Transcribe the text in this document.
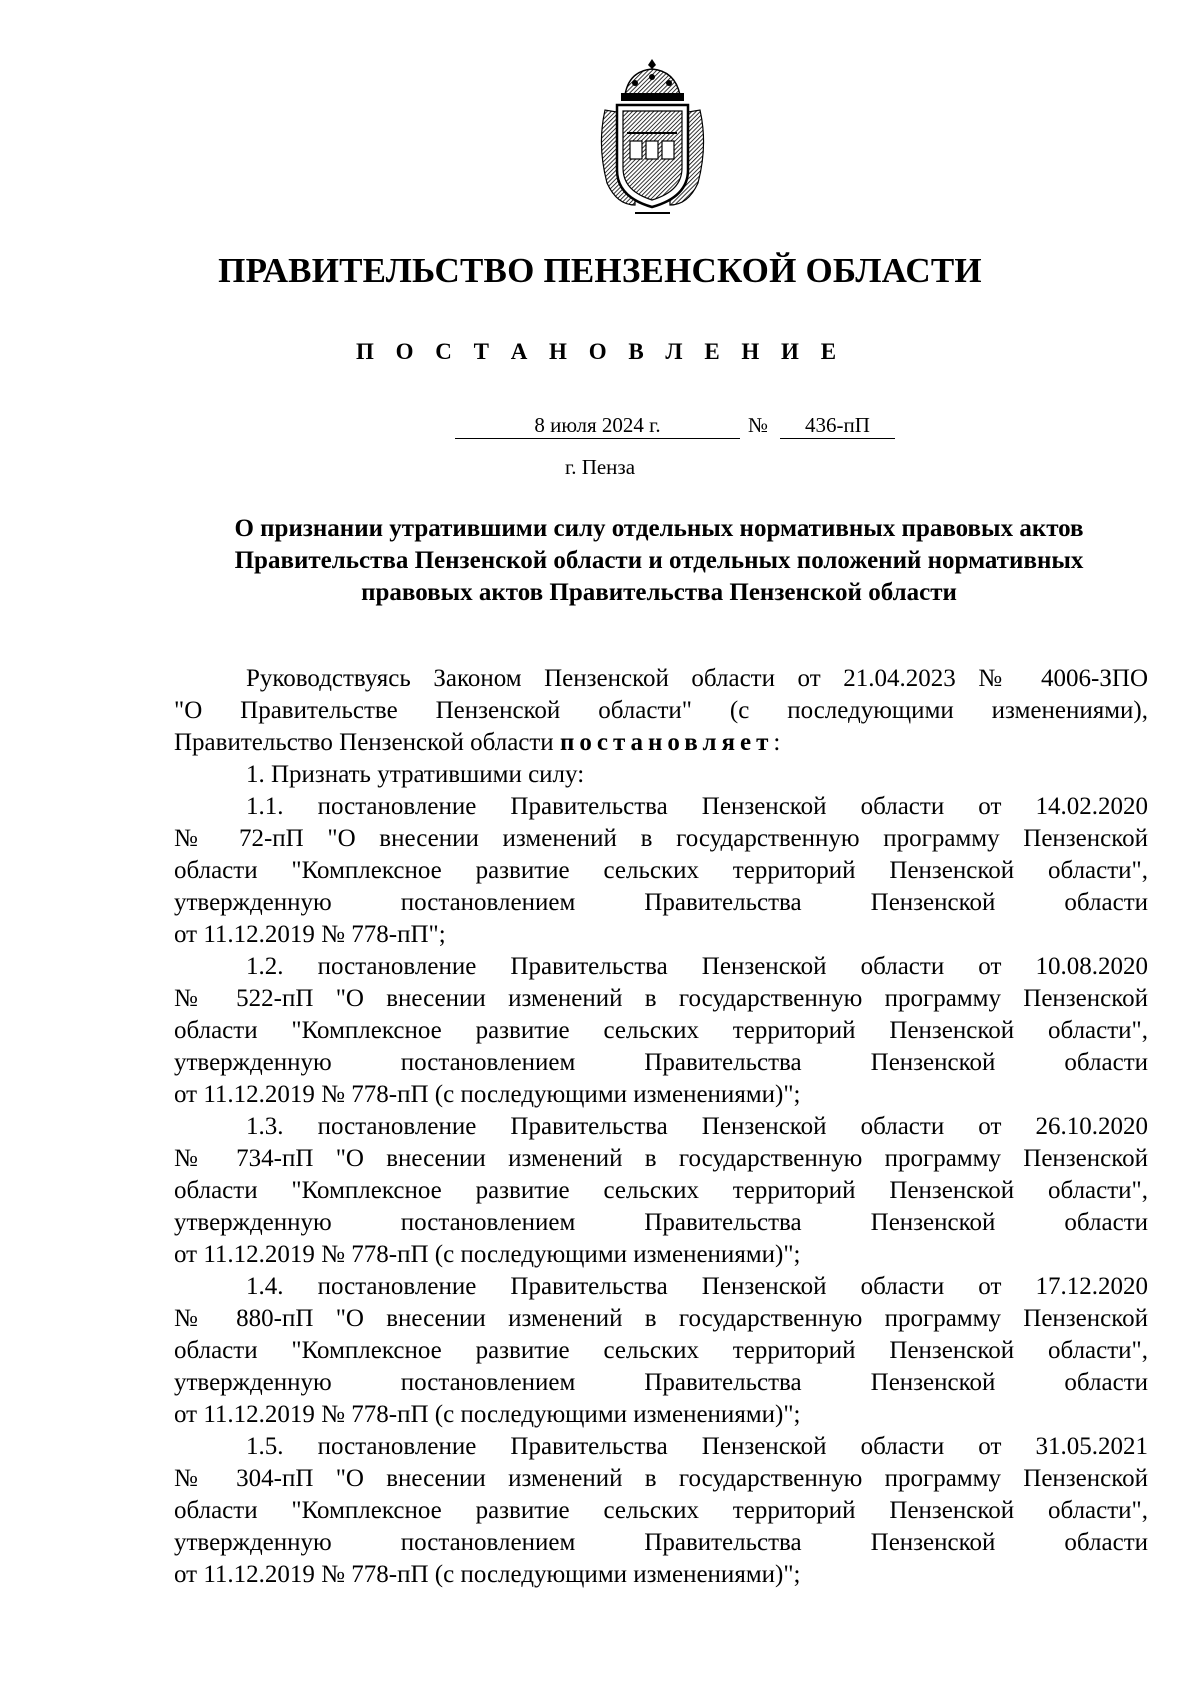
ПРАВИТЕЛЬСТВО ПЕНЗЕНСКОЙ ОБЛАСТИ
П О С Т А Н О В Л Е Н И Е
8 июля 2024 г.	№	436-пП
г. Пенза
О признании утратившими силу отдельных нормативных правовых актов
Правительства Пензенской области и отдельных положений нормативных
правовых актов Правительства Пензенской области
Руководствуясь Законом Пензенской области от 21.04.2023 № 4006-ЗПО
"О Правительстве Пензенской области" (с последующими изменениями),
Правительство Пензенской области постановляет:
1. Признать утратившими силу:
1.1. постановление Правительства Пензенской области от 14.02.2020
№ 72-пП "О внесении изменений в государственную программу Пензенской
области "Комплексное развитие сельских территорий Пензенской области",
утвержденную постановлением Правительства Пензенской области
от 11.12.2019 № 778-пП";
1.2. постановление Правительства Пензенской области от 10.08.2020
№ 522-пП "О внесении изменений в государственную программу Пензенской
области "Комплексное развитие сельских территорий Пензенской области",
утвержденную постановлением Правительства Пензенской области
от 11.12.2019 № 778-пП (с последующими изменениями)";
1.3. постановление Правительства Пензенской области от 26.10.2020
№ 734-пП "О внесении изменений в государственную программу Пензенской
области "Комплексное развитие сельских территорий Пензенской области",
утвержденную постановлением Правительства Пензенской области
от 11.12.2019 № 778-пП (с последующими изменениями)";
1.4. постановление Правительства Пензенской области от 17.12.2020
№ 880-пП "О внесении изменений в государственную программу Пензенской
области "Комплексное развитие сельских территорий Пензенской области",
утвержденную постановлением Правительства Пензенской области
от 11.12.2019 № 778-пП (с последующими изменениями)";
1.5. постановление Правительства Пензенской области от 31.05.2021
№ 304-пП "О внесении изменений в государственную программу Пензенской
области "Комплексное развитие сельских территорий Пензенской области",
утвержденную постановлением Правительства Пензенской области
от 11.12.2019 № 778-пП (с последующими изменениями)";
